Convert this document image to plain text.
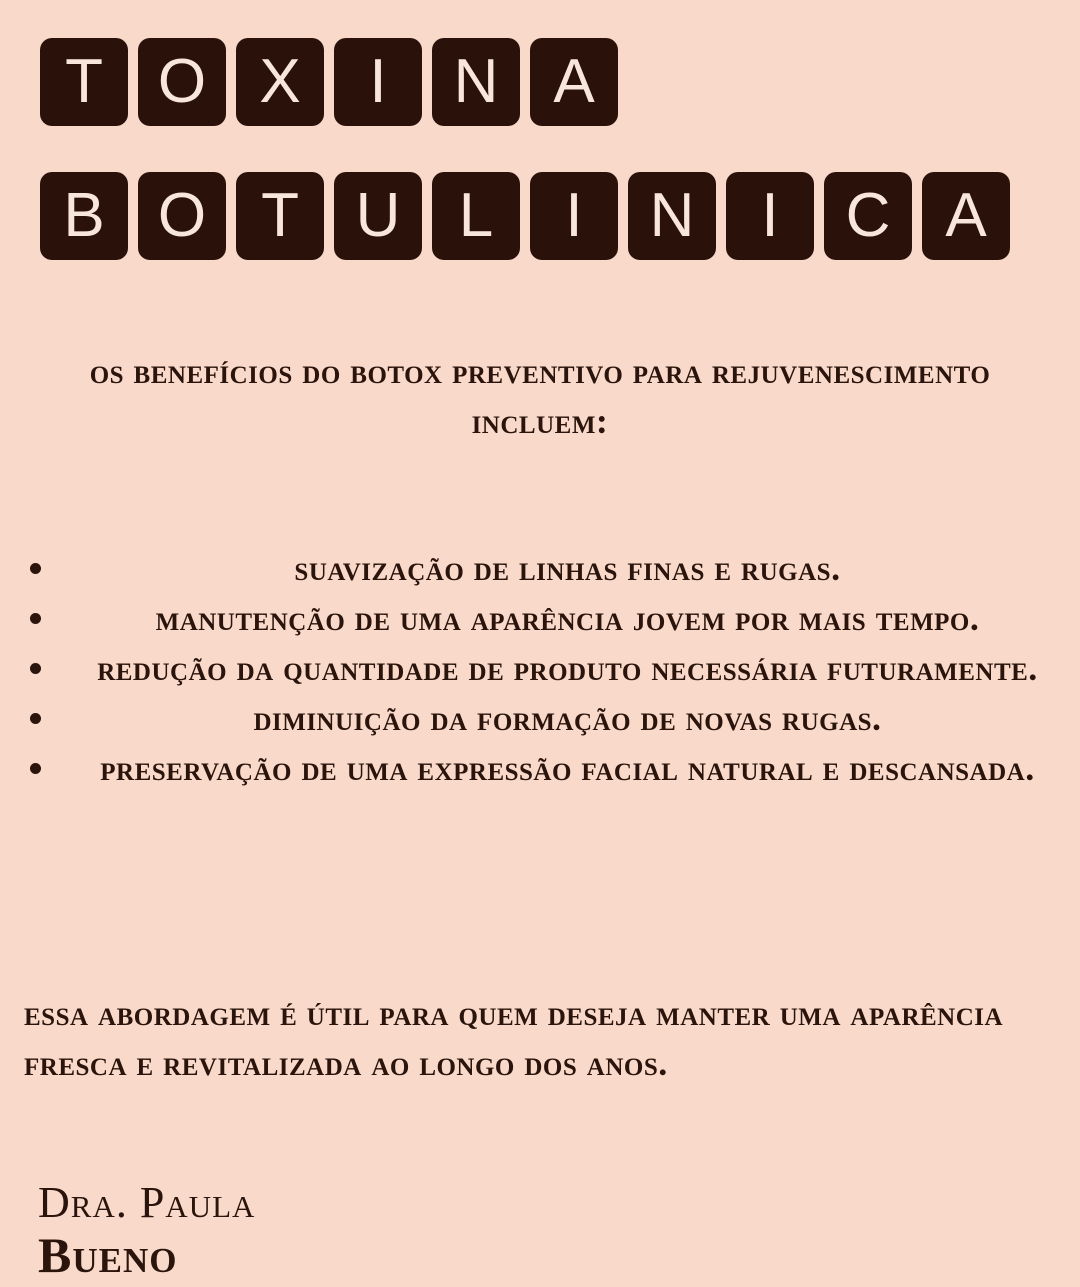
T O X	I	N A
B O T U L	I	N	I	C A

os benefícios do botox preventivo para rejuvenescimento incluem:

suavização de linhas finas e rugas.
manutenção de uma aparência jovem por mais tempo.
redução da quantidade de produto necessária futuramente.
diminuição da formação de novas rugas.
preservação de uma expressão facial natural e descansada.

essa abordagem é útil para quem deseja manter uma aparência fresca e revitalizada ao longo dos anos.

Dra. Paula
Bueno
